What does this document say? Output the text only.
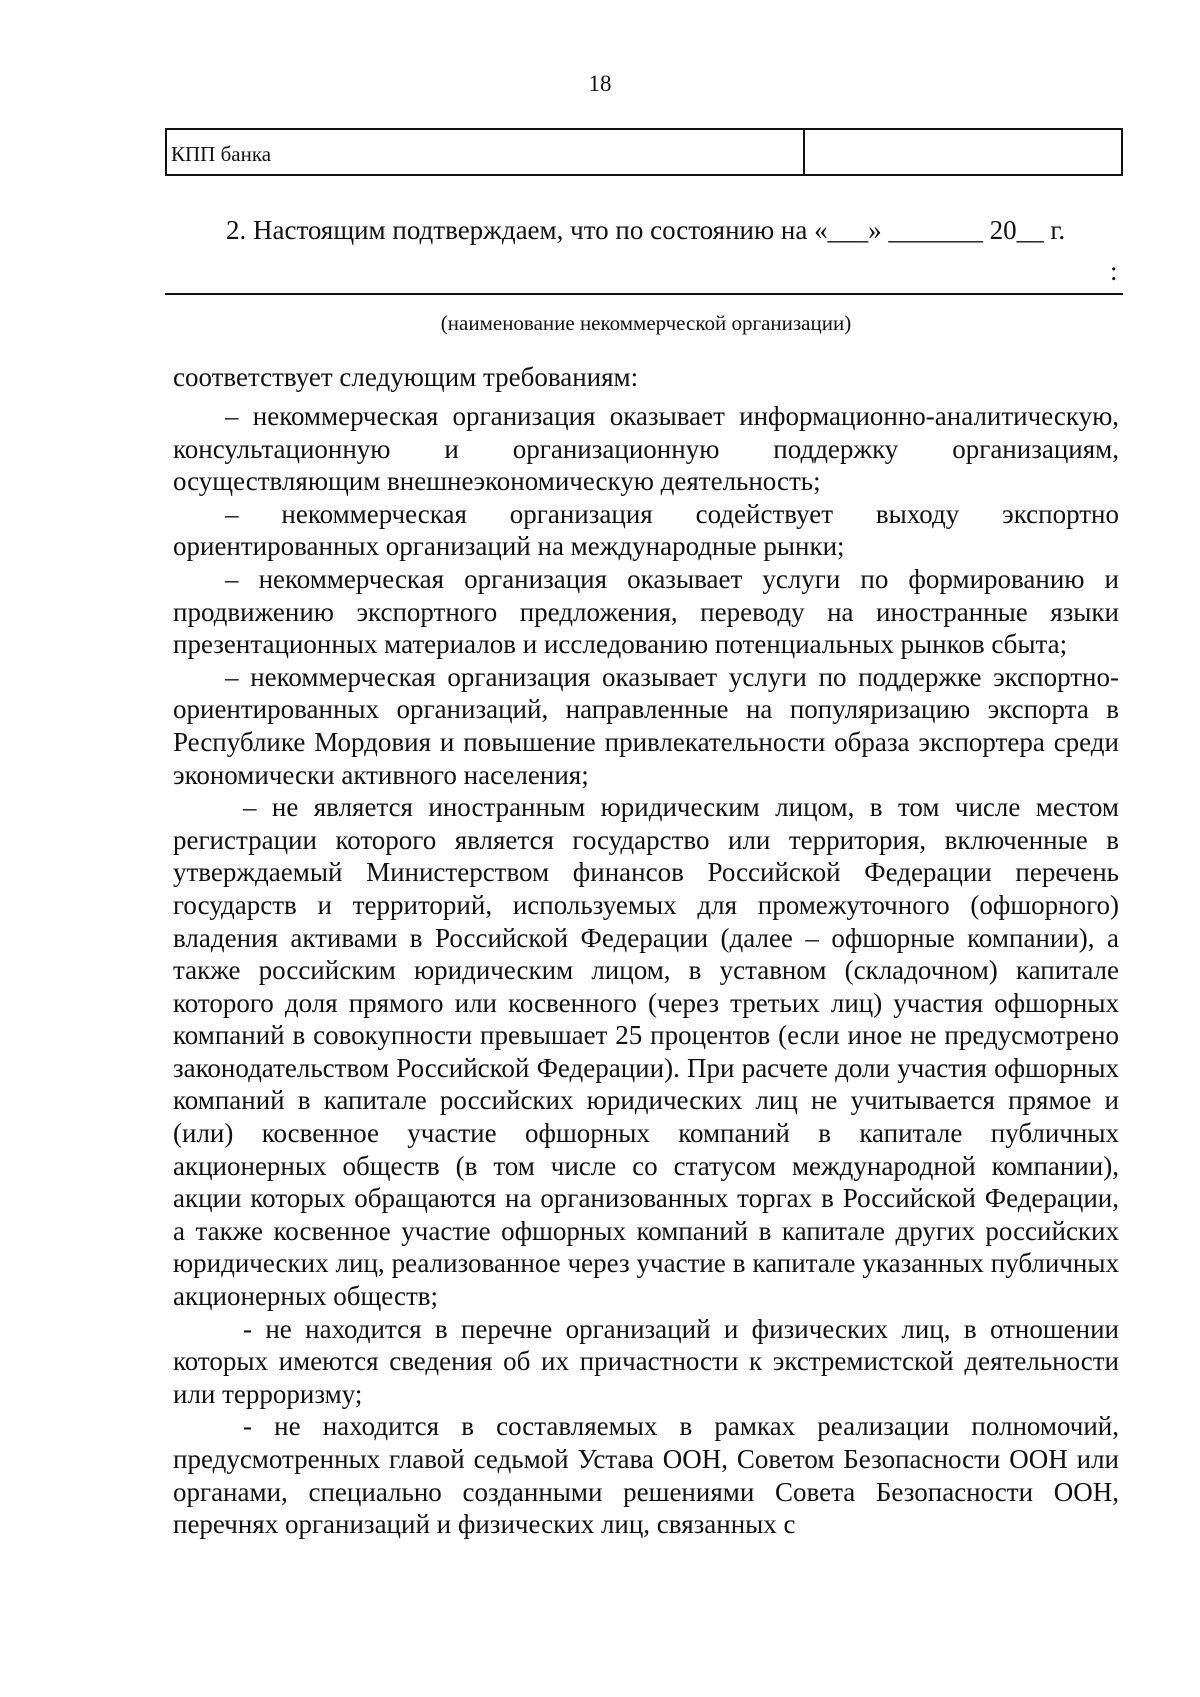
18
КПП банка
2. Настоящим подтверждаем, что по состоянию на «___» _______ 20__ г.
:
(наименование некоммерческой организации)
соответствует следующим требованиям:

– некоммерческая организация оказывает информационно-аналитическую, консультационную и организационную поддержку организациям, осуществляющим внешнеэкономическую деятельность;

– некоммерческая организация содействует выходу экспортно ориентированных организаций на международные рынки;

– некоммерческая организация оказывает услуги по формированию и продвижению экспортного предложения, переводу на иностранные языки презентационных материалов и исследованию потенциальных рынков сбыта;

– некоммерческая организация оказывает услуги по поддержке экспортно-ориентированных организаций, направленные на популяризацию экспорта в Республике Мордовия и повышение привлекательности образа экспортера среди экономически активного населения;

– не является иностранным юридическим лицом, в том числе местом регистрации которого является государство или территория, включенные в утверждаемый Министерством финансов Российской Федерации перечень государств и территорий, используемых для промежуточного (офшорного) владения активами в Российской Федерации (далее – офшорные компании), а также российским юридическим лицом, в уставном (складочном) капитале которого доля прямого или косвенного (через третьих лиц) участия офшорных компаний в совокупности превышает 25 процентов (если иное не предусмотрено законодательством Российской Федерации). При расчете доли участия офшорных компаний в капитале российских юридических лиц не учитывается прямое и (или) косвенное участие офшорных компаний в капитале публичных акционерных обществ (в том числе со статусом международной компании), акции которых обращаются на организованных торгах в Российской Федерации, а также косвенное участие офшорных компаний в капитале других российских юридических лиц, реализованное через участие в капитале указанных публичных акционерных обществ;

- не находится в перечне организаций и физических лиц, в отношении которых имеются сведения об их причастности к экстремистской деятельности или терроризму;

- не находится в составляемых в рамках реализации полномочий, предусмотренных главой седьмой Устава ООН, Советом Безопасности ООН или органами, специально созданными решениями Совета Безопасности ООН, перечнях организаций и физических лиц, связанных с
